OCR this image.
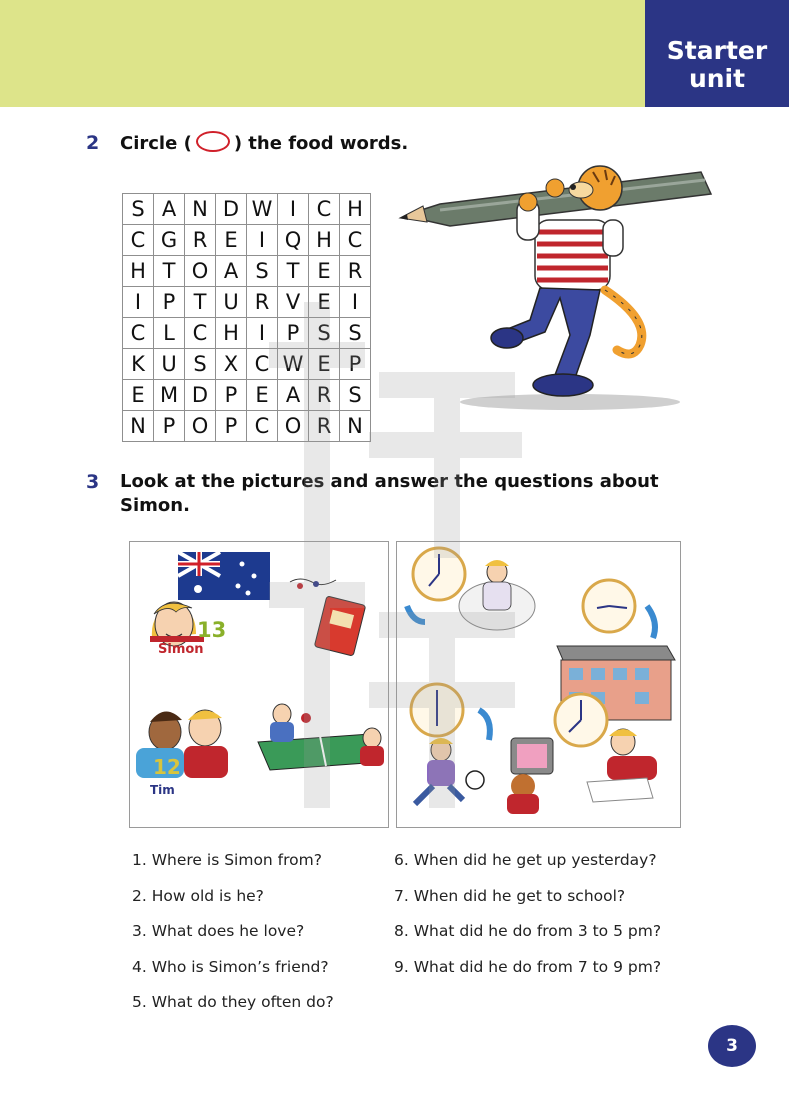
Starter
unit
2 Circle ( ) the food words.
S	A	N	D	W	I	C	H
C	G	R	E	I	Q	H	C
H	T	O	A	S	T	E	R
I	P	T	U	R	V	E	I
C	L	C	H	I	P	S	S
K	U	S	X	C	W	E	P
E	M	D	P	E	A	R	S
N	P	O	P	C	O	R	N
3 Look at the pictures and answer the questions about
Simon.
13
Simon
12
Tim
1. Where is Simon from?
2. How old is he?
3. What does he love?
4. Who is Simon’s friend?
5. What do they often do?
6. When did he get up yesterday?
7. When did he get to school?
8. What did he do from 3 to 5 pm?
9. What did he do from 7 to 9 pm?
3
